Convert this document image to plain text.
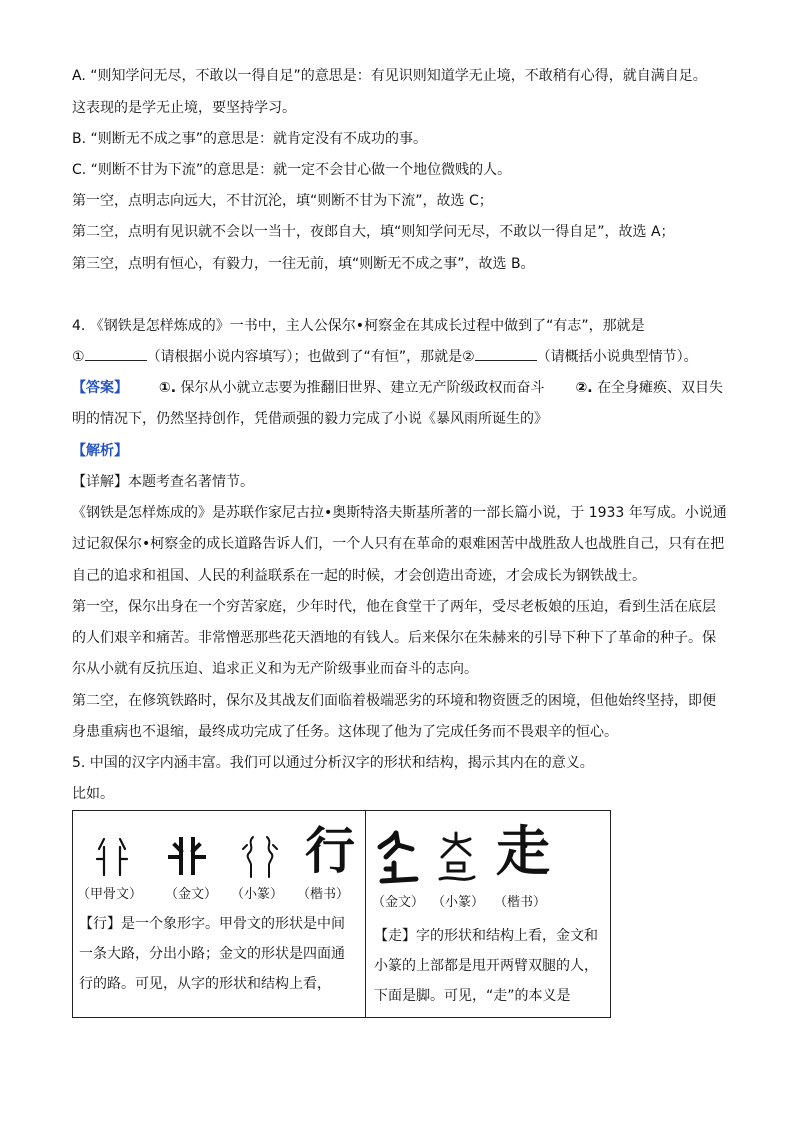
A. “则知学问无尽，不敢以一得自足”的意思是：有见识则知道学无止境，不敢稍有心得，就自满自足。
这表现的是学无止境，要坚持学习。
B. “则断无不成之事”的意思是：就肯定没有不成功的事。
C. “则断不甘为下流”的意思是：就一定不会甘心做一个地位微贱的人。
第一空，点明志向远大，不甘沉沦，填“则断不甘为下流”，故选 C；
第二空，点明有见识就不会以一当十，夜郎自大，填“则知学问无尽，不敢以一得自足”，故选 A；
第三空，点明有恒心，有毅力，一往无前，填“则断无不成之事”，故选 B。
4. 《钢铁是怎样炼成的》一书中，主人公保尔•柯察金在其成长过程中做到了“有志”，那就是
①	（请根据小说内容填写）；也做到了“有恒”，那就是②	（请概括小说典型情节）。
【答案】 ①. 保尔从小就立志要为推翻旧世界、建立无产阶级政权而奋斗 ②. 在全身瘫痪、双目失
明的情况下，仍然坚持创作，凭借顽强的毅力完成了小说《暴风雨所诞生的》
【解析】
【详解】本题考查名著情节。
《钢铁是怎样炼成的》是苏联作家尼古拉•奥斯特洛夫斯基所著的一部长篇小说，于 1933 年写成。小说通
过记叙保尔•柯察金的成长道路告诉人们，一个人只有在革命的艰难困苦中战胜敌人也战胜自己，只有在把
自己的追求和祖国、人民的利益联系在一起的时候，才会创造出奇迹，才会成长为钢铁战士。
第一空，保尔出身在一个穷苦家庭，少年时代，他在食堂干了两年，受尽老板娘的压迫，看到生活在底层
的人们艰辛和痛苦。非常憎恶那些花天酒地的有钱人。后来保尔在朱赫来的引导下种下了革命的种子。保
尔从小就有反抗压迫、追求正义和为无产阶级事业而奋斗的志向。
第二空，在修筑铁路时，保尔及其战友们面临着极端恶劣的环境和物资匮乏的困境，但他始终坚持，即便
身患重病也不退缩，最终成功完成了任务。这体现了他为了完成任务而不畏艰辛的恒心。
5. 中国的汉字内涵丰富。我们可以通过分析汉字的形状和结构，揭示其内在的意义。
比如。
行
（甲骨文） （金文） （小篆） （楷书）
【行】是一个象形字。甲骨文的形状是中间
一条大路，分出小路；金文的形状是四面通
行的路。可见，从字的形状和结构上看，
走
（金文） （小篆） （楷书）
【走】字的形状和结构上看，金文和
小篆的上部都是甩开两臂双腿的人，
下面是脚。可见，“走”的本义是
